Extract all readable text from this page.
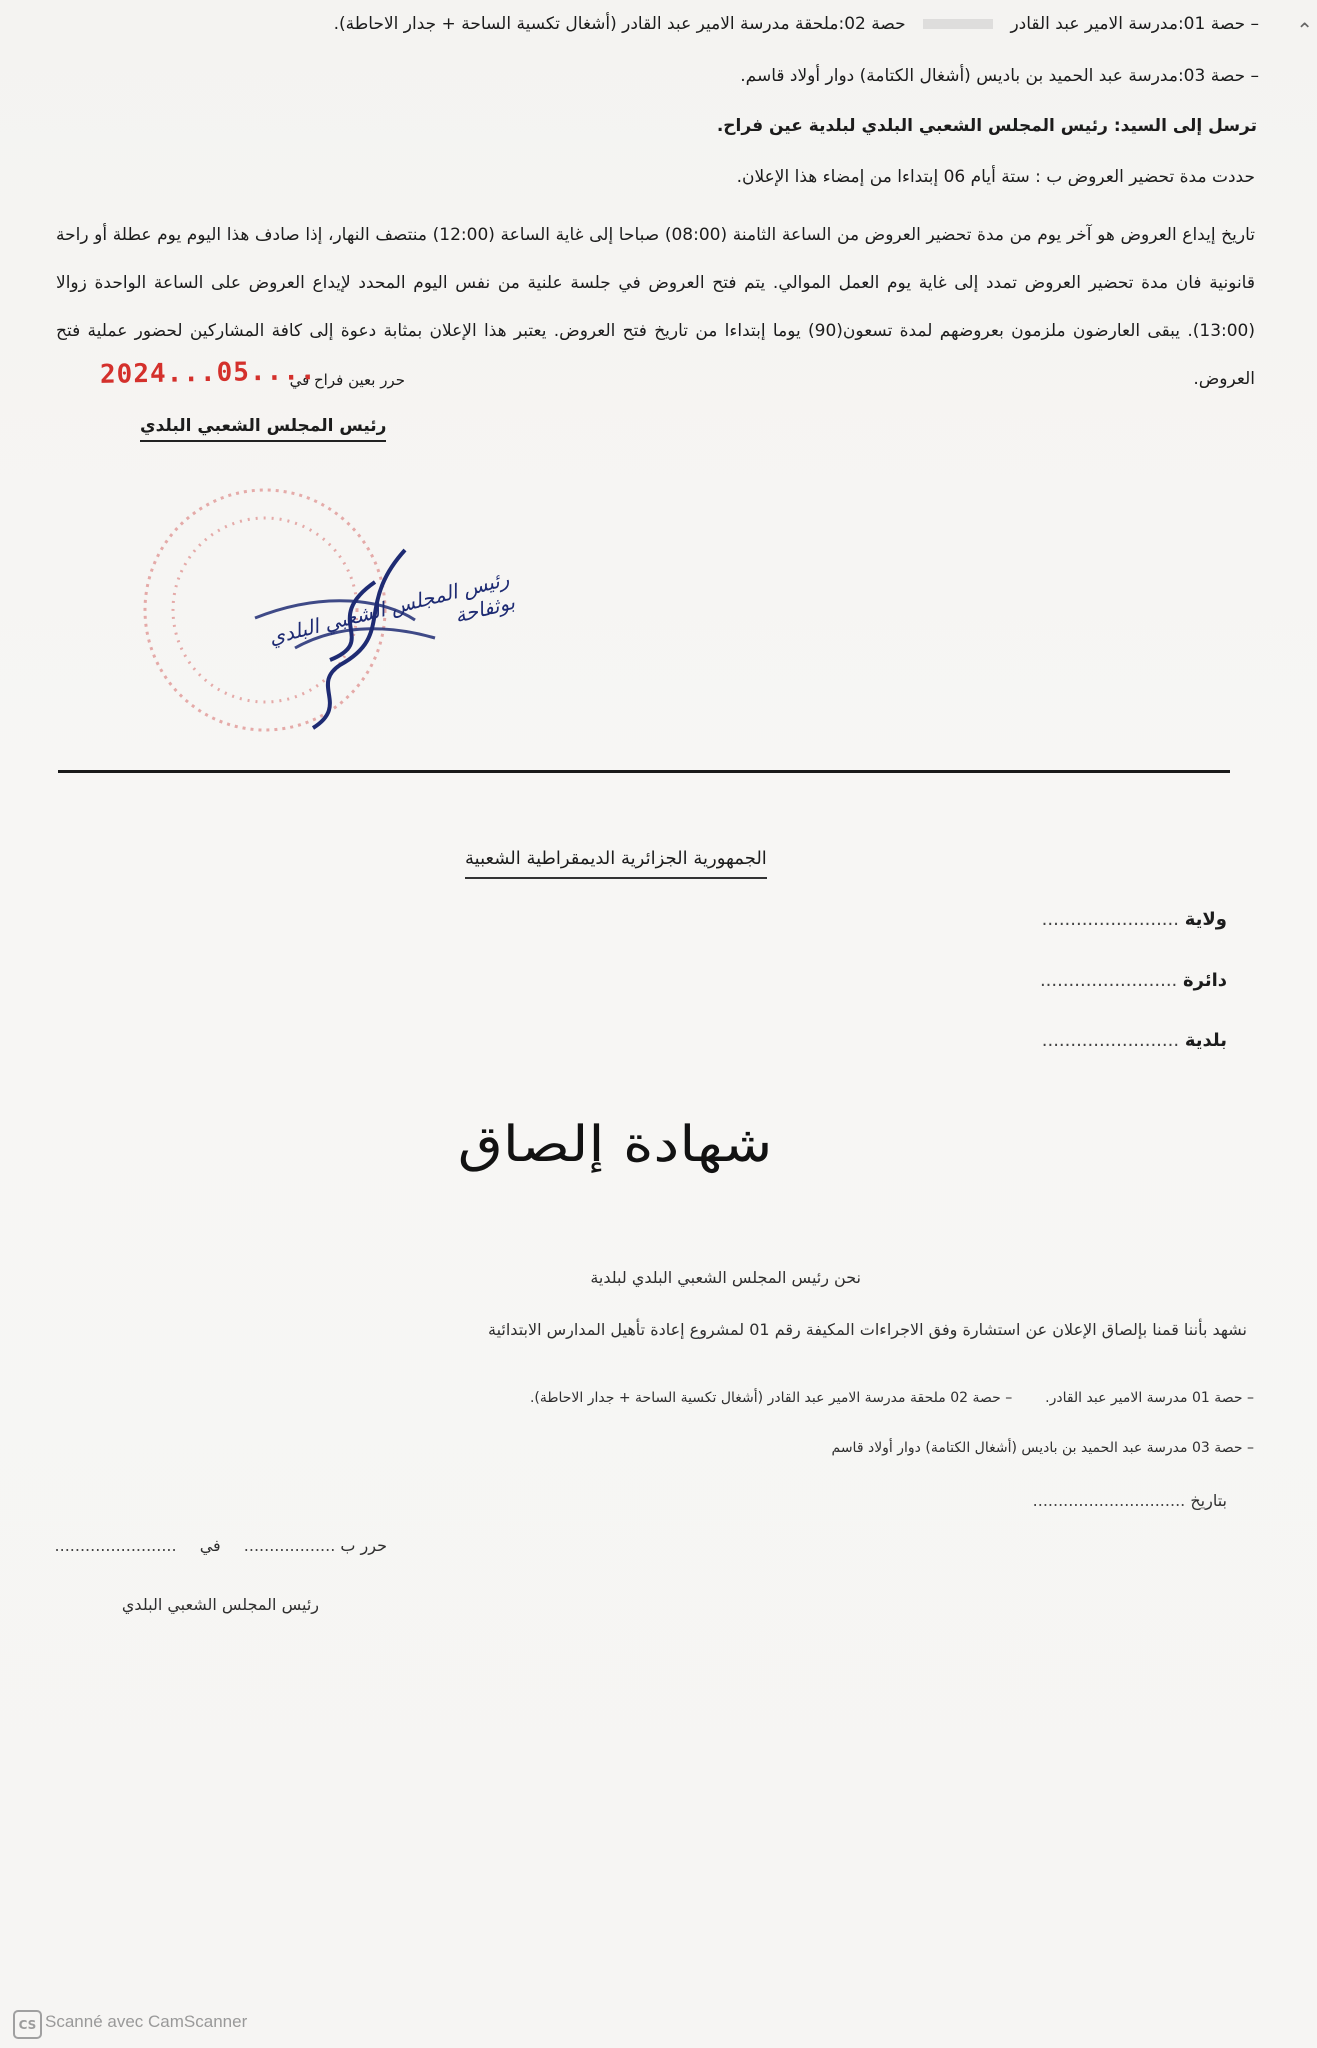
⌃
– حصة 01:مدرسة الامير عبد القادر  حصة 02:ملحقة مدرسة الامير عبد القادر (أشغال تكسية الساحة + جدار الاحاطة).
– حصة 03:مدرسة عبد الحميد بن باديس (أشغال الكتامة) دوار أولاد قاسم.
ترسل إلى السيد: رئيس المجلس الشعبي البلدي لبلدية عين فراح.
حددت مدة تحضير العروض ب : ستة أيام 06 إبتداءا من إمضاء هذا الإعلان.
تاريخ إيداع العروض هو آخر يوم من مدة تحضير العروض من الساعة الثامنة (08:00) صباحا إلى غاية الساعة (12:00) منتصف النهار، إذا صادف هذا اليوم يوم عطلة أو راحة قانونية فان مدة تحضير العروض تمدد إلى غاية يوم العمل الموالي. يتم فتح العروض في جلسة علنية من نفس اليوم المحدد لإيداع العروض على الساعة الواحدة زوالا (13:00). يبقى العارضون ملزمون بعروضهم لمدة تسعون(90) يوما إبتداءا من تاريخ فتح العروض. يعتبر هذا الإعلان بمثابة دعوة إلى كافة المشاركين لحضور عملية فتح العروض.
حرر بعين فراح في
2024...05....
رئيس المجلس الشعبي البلدي
رئيس المجلس الشعبي البلدي بوثفاحة
الجمهورية الجزائرية الديمقراطية الشعبية
ولاية ........................
دائرة ........................
بلدية ........................
شهادة إلصاق
نحن رئيس المجلس الشعبي البلدي لبلدية
نشهد بأننا قمنا بإلصاق الإعلان عن استشارة وفق الاجراءات المكيفة رقم 01 لمشروع إعادة تأهيل المدارس الابتدائية
– حصة 01 مدرسة الامير عبد القادر.  – حصة 02 ملحقة مدرسة الامير عبد القادر (أشغال تكسية الساحة + جدار الاحاطة).
– حصة 03 مدرسة عبد الحميد بن باديس (أشغال الكتامة) دوار أولاد قاسم
بتاريخ ..............................
حرر ب .................. في ........................
رئيس المجلس الشعبي البلدي
CS Scanné avec CamScanner
